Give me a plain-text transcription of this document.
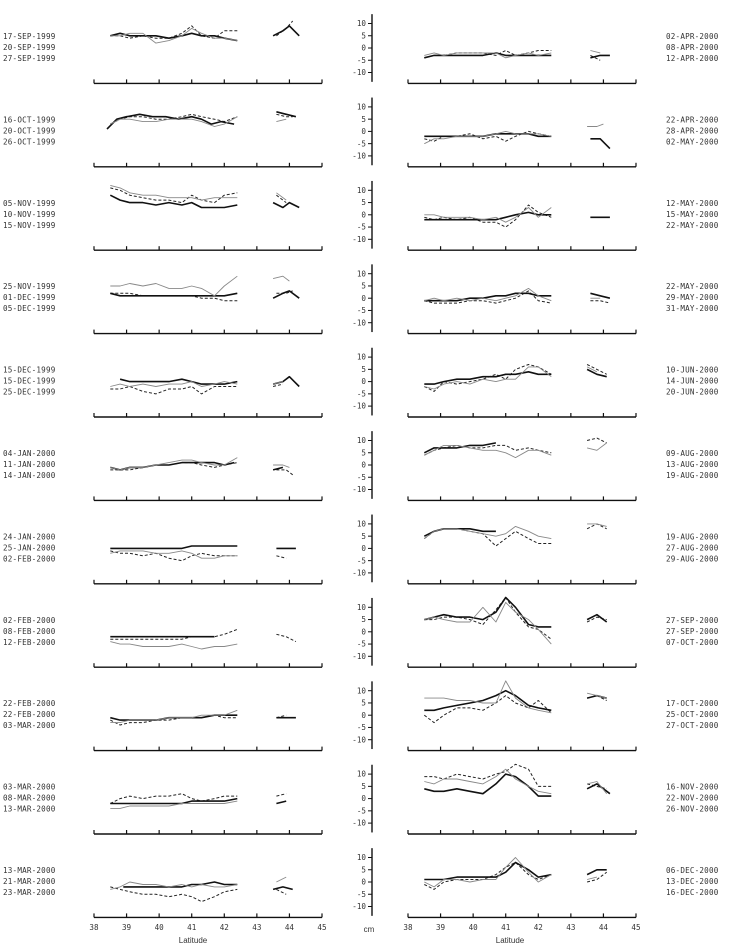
17-SEP-1999
20-SEP-1999
27-SEP-1999
16-OCT-1999
20-OCT-1999
26-OCT-1999
05-NOV-1999
10-NOV-1999
15-NOV-1999
25-NOV-1999
01-DEC-1999
05-DEC-1999
15-DEC-1999
15-DEC-1999
25-DEC-1999
04-JAN-2000
11-JAN-2000
14-JAN-2000
24-JAN-2000
25-JAN-2000
02-FEB-2000
02-FEB-2000
08-FEB-2000
12-FEB-2000
22-FEB-2000
22-FEB-2000
03-MAR-2000
03-MAR-2000
08-MAR-2000
13-MAR-2000
13-MAR-2000
21-MAR-2000
23-MAR-2000
02-APR-2000
08-APR-2000
12-APR-2000
22-APR-2000
28-APR-2000
02-MAY-2000
12-MAY-2000
15-MAY-2000
22-MAY-2000
22-MAY-2000
29-MAY-2000
31-MAY-2000
10-JUN-2000
14-JUN-2000
20-JUN-2000
09-AUG-2000
13-AUG-2000
19-AUG-2000
19-AUG-2000
27-AUG-2000
29-AUG-2000
27-SEP-2000
27-SEP-2000
07-OCT-2000
17-OCT-2000
25-OCT-2000
27-OCT-2000
16-NOV-2000
22-NOV-2000
26-NOV-2000
06-DEC-2000
13-DEC-2000
16-DEC-2000
10
5
0
-5
-10
10
5
0
-5
-10
10
5
0
-5
-10
10
5
0
-5
-10
10
5
0
-5
-10
10
5
0
-5
-10
10
5
0
-5
-10
10
5
0
-5
-10
10
5
0
-5
-10
10
5
0
-5
-10
10
5
0
-5
-10
38	38
39	39
40	40
41	41
42	42
43	43
44	44
45	45
Latitude	Latitude
cm
